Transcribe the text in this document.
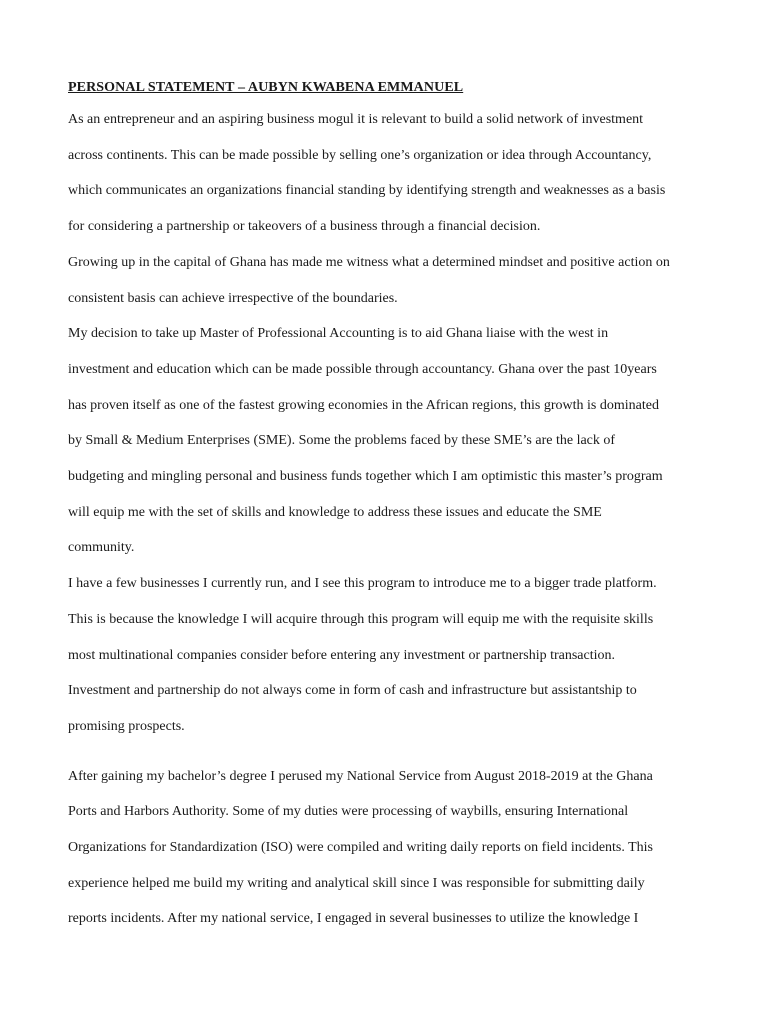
PERSONAL STATEMENT – AUBYN KWABENA EMMANUEL
As an entrepreneur and an aspiring business mogul it is relevant to build a solid network of investment
across continents. This can be made possible by selling one’s organization or idea through Accountancy,
which communicates an organizations financial standing by identifying strength and weaknesses as a basis
for considering a partnership or takeovers of a business through a financial decision.
Growing up in the capital of Ghana has made me witness what a determined mindset and positive action on
consistent basis can achieve irrespective of the boundaries.
My decision to take up Master of Professional Accounting is to aid Ghana liaise with the west in
investment and education which can be made possible through accountancy. Ghana over the past 10years
has proven itself as one of the fastest growing economies in the African regions, this growth is dominated
by Small & Medium Enterprises (SME). Some the problems faced by these SME’s are the lack of
budgeting and mingling personal and business funds together which I am optimistic this master’s program
will equip me with the set of skills and knowledge to address these issues and educate the SME
community.
I have a few businesses I currently run, and I see this program to introduce me to a bigger trade platform.
This is because the knowledge I will acquire through this program will equip me with the requisite skills
most multinational companies consider before entering any investment or partnership transaction.
Investment and partnership do not always come in form of cash and infrastructure but assistantship to
promising prospects.
After gaining my bachelor’s degree I perused my National Service from August 2018-2019 at the Ghana
Ports and Harbors Authority. Some of my duties were processing of waybills, ensuring International
Organizations for Standardization (ISO) were compiled and writing daily reports on field incidents. This
experience helped me build my writing and analytical skill since I was responsible for submitting daily
reports incidents. After my national service, I engaged in several businesses to utilize the knowledge I
